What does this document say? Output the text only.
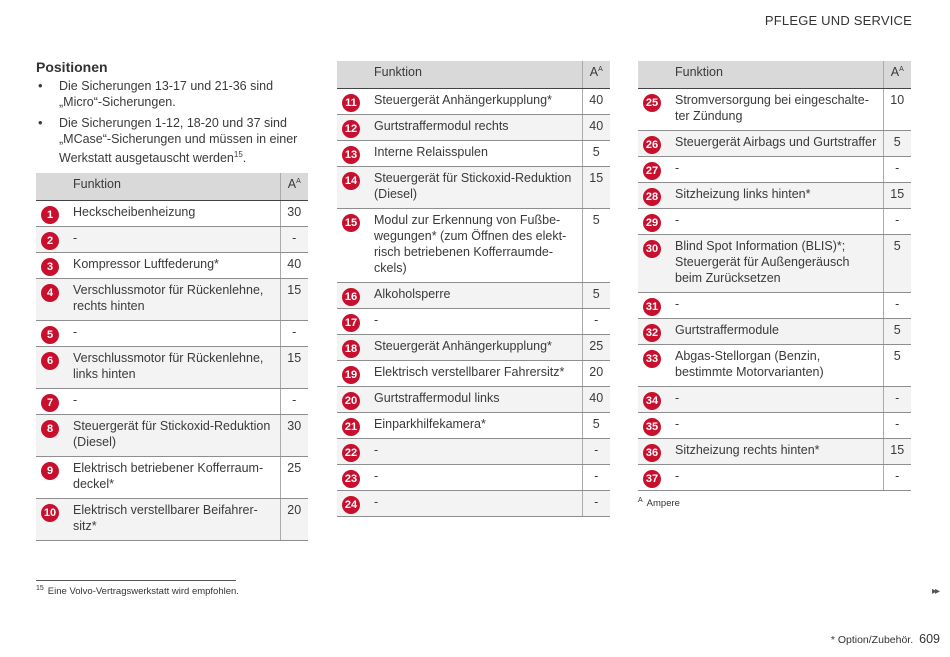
PFLEGE UND SERVICE
Positionen
• Die Sicherungen 13-17 und 21-36 sind „Micro“-Sicherungen.
• Die Sicherungen 1-12, 18-20 und 37 sind „MCase“-Sicherungen und müssen in einer Werkstatt ausgetauscht werden$^{15}$.
	Funktion	$A^A$
1	Heckscheibenheizung	30
2	-	-
3	Kompressor Luftfederung*	40
4	Verschlussmotor für Rückenlehne, rechts hinten	15
5	-	-
6	Verschlussmotor für Rückenlehne, links hinten	15
7	-	-
8	Steuergerät für Stickoxid-Reduktion (Diesel)	30
9	Elektrisch betriebener Kofferraumdeckel*	25
10	Elektrisch verstellbarer Beifahrersitz*	20
	Funktion	$A^A$
11	Steuergerät Anhängerkupplung*	40
12	Gurtstraffermodul rechts	40
13	Interne Relaisspulen	5
14	Steuergerät für Stickoxid-Reduktion (Diesel)	15
15	Modul zur Erkennung von Fußbewegungen* (zum Öffnen des elektrisch betriebenen Kofferraumdeckels)	5
16	Alkoholsperre	5
17	-	-
18	Steuergerät Anhängerkupplung*	25
19	Elektrisch verstellbarer Fahrersitz*	20
20	Gurtstraffermodul links	40
21	Einparkhilfekamera*	5
22	-	-
23	-	-
24	-	-
	Funktion	$A^A$
25	Stromversorgung bei eingeschalteter Zündung	10
26	Steuergerät Airbags und Gurtstraffer	5
27	-	-
28	Sitzheizung links hinten*	15
29	-	-
30	Blind Spot Information (BLIS)*; Steuergerät für Außengeräusch beim Zurücksetzen	5
31	-	-
32	Gurtstraffermodule	5
33	Abgas-Stellorgan (Benzin, bestimmte Motorvarianten)	5
34	-	-
35	-	-
36	Sitzheizung rechts hinten*	15
37	-	-
$^A$ Ampere
$^{15}$ Eine Volvo-Vertragswerkstatt wird empfohlen.	▸▸
* Option/Zubehör. 609
